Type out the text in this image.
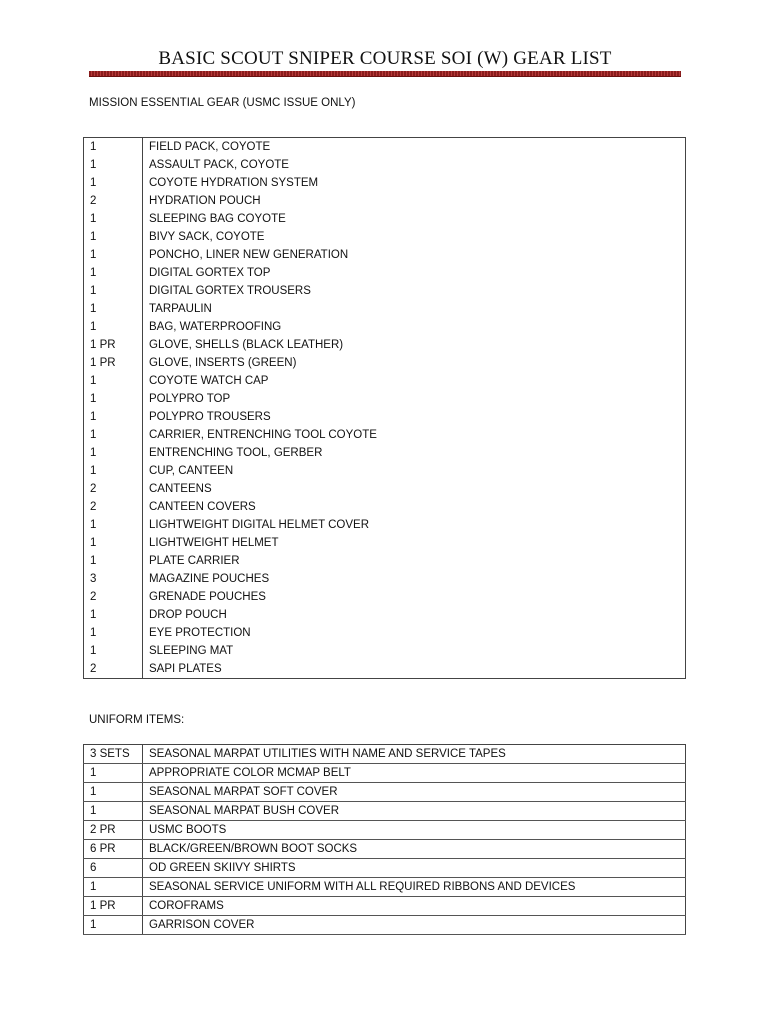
BASIC SCOUT SNIPER COURSE SOI (W) GEAR LIST
MISSION ESSENTIAL GEAR (USMC ISSUE ONLY)
1	FIELD PACK, COYOTE
1	ASSAULT PACK, COYOTE
1	COYOTE HYDRATION SYSTEM
2	HYDRATION POUCH
1	SLEEPING BAG COYOTE
1	BIVY SACK, COYOTE
1	PONCHO, LINER NEW GENERATION
1	DIGITAL GORTEX TOP
1	DIGITAL GORTEX TROUSERS
1	TARPAULIN
1	BAG, WATERPROOFING
1 PR	GLOVE, SHELLS (BLACK LEATHER)
1 PR	GLOVE, INSERTS (GREEN)
1	COYOTE WATCH CAP
1	POLYPRO TOP
1	POLYPRO TROUSERS
1	CARRIER, ENTRENCHING TOOL COYOTE
1	ENTRENCHING TOOL, GERBER
1	CUP, CANTEEN
2	CANTEENS
2	CANTEEN COVERS
1	LIGHTWEIGHT DIGITAL HELMET COVER
1	LIGHTWEIGHT HELMET
1	PLATE CARRIER
3	MAGAZINE POUCHES
2	GRENADE POUCHES
1	DROP POUCH
1	EYE PROTECTION
1	SLEEPING MAT
2	SAPI PLATES
UNIFORM ITEMS:
3 SETS	SEASONAL MARPAT UTILITIES WITH NAME AND SERVICE TAPES
1	APPROPRIATE COLOR MCMAP BELT
1	SEASONAL MARPAT SOFT COVER
1	SEASONAL MARPAT BUSH COVER
2 PR	USMC BOOTS
6 PR	BLACK/GREEN/BROWN BOOT SOCKS
6	OD GREEN SKIIVY SHIRTS
1	SEASONAL SERVICE UNIFORM WITH ALL REQUIRED RIBBONS AND DEVICES
1 PR	COROFRAMS
1	GARRISON COVER
